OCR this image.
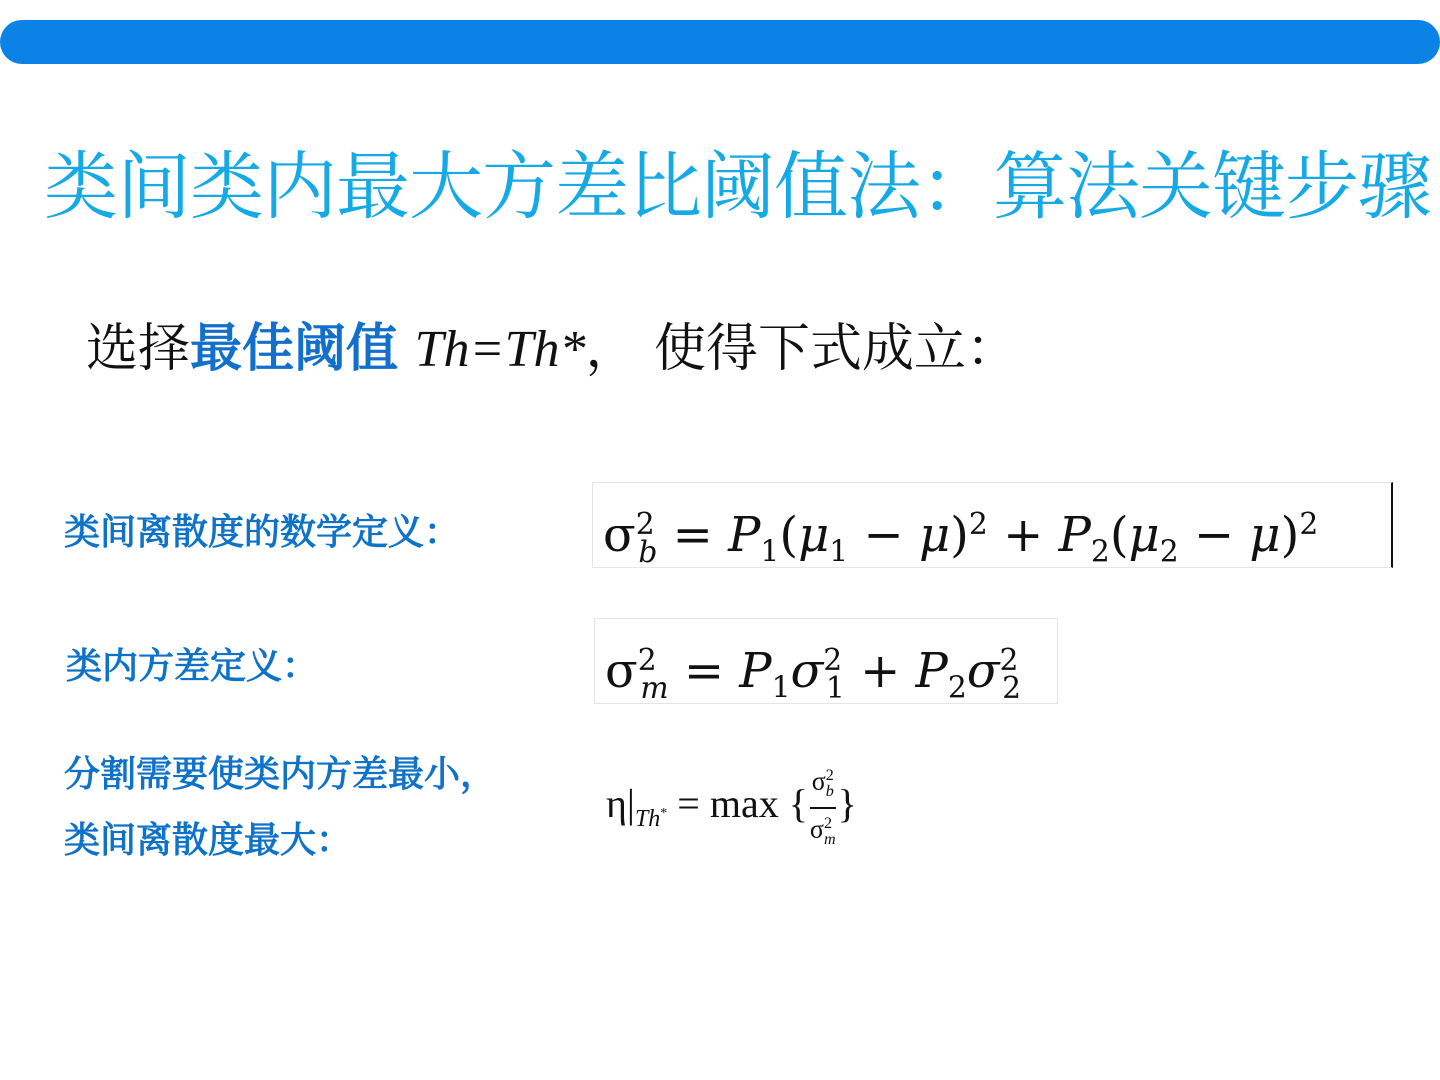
类间类内最大方差比阈值法：算法关键步骤
选择最佳阈值 Th=Th*， 使得下式成立：
类间离散度的数学定义：	$\sigma^2_b = P_1(\mu_1 - \mu)^2 + P_2(\mu_2 - \mu)^2$
类内方差定义：	$\sigma^2_m = P_1\sigma^2_1 + P_2\sigma^2_2$
分割需要使类内方差最小，
类间离散度最大：
$\eta|_{Th^*} = \max$ { $\frac{\sigma^2_b}{\sigma^2_m}$ }
